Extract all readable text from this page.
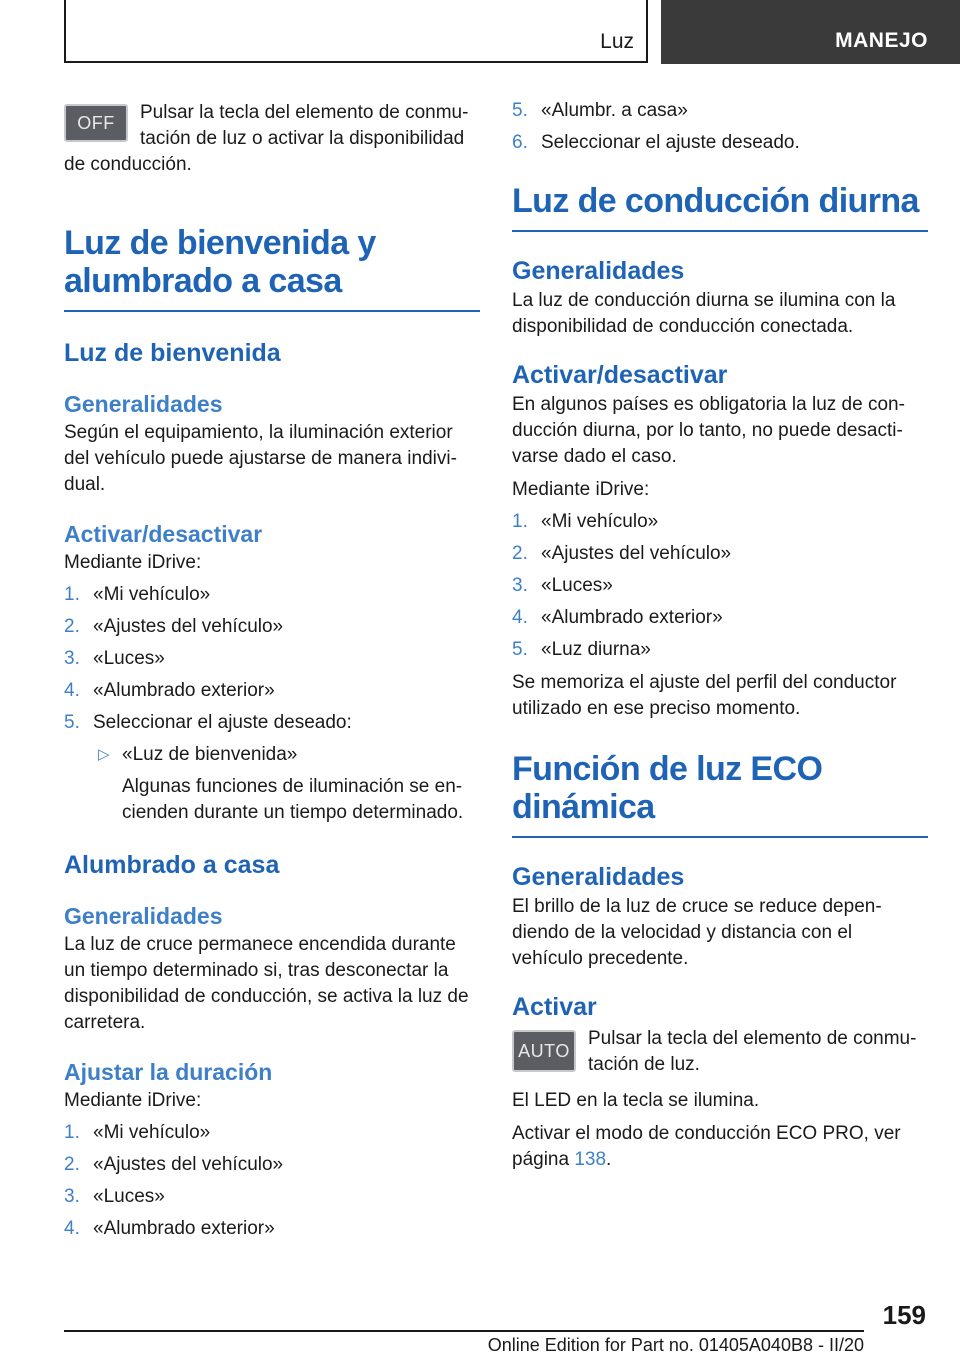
Luz	MANEJO
OFF	Pulsar la tecla del elemento de conmutación de luz o activar la disponibilidad de conducción.

Luz de bienvenida y alumbrado a casa
Luz de bienvenida
Generalidades

Según el equipamiento, la iluminación exterior del vehículo puede ajustarse de manera individual.

Activar/desactivar

Mediante iDrive:

1. «Mi vehículo»
2. «Ajustes del vehículo»
3. «Luces»
4. «Alumbrado exterior»
5. Seleccionar el ajuste deseado:
▷ «Luz de bienvenida»
Algunas funciones de iluminación se encienden durante un tiempo determinado.
Alumbrado a casa
Generalidades

La luz de cruce permanece encendida durante un tiempo determinado si, tras desconectar la disponibilidad de conducción, se activa la luz de carretera.

Ajustar la duración

Mediante iDrive:

1. «Mi vehículo»
2. «Ajustes del vehículo»
3. «Luces»
4. «Alumbrado exterior»
5. «Alumbr. a casa»
6. Seleccionar el ajuste deseado.
Luz de conducción diurna
Generalidades

La luz de conducción diurna se ilumina con la disponibilidad de conducción conectada.

Activar/desactivar

En algunos países es obligatoria la luz de conducción diurna, por lo tanto, no puede desactivarse dado el caso.

Mediante iDrive:

1. «Mi vehículo»
2. «Ajustes del vehículo»
3. «Luces»
4. «Alumbrado exterior»
5. «Luz diurna»

Se memoriza el ajuste del perfil del conductor utilizado en ese preciso momento.

Función de luz ECO dinámica
Generalidades

El brillo de la luz de cruce se reduce dependiendo de la velocidad y distancia con el vehículo precedente.

Activar
AUTO

Pulsar la tecla del elemento de conmutación de luz.

El LED en la tecla se ilumina.

Activar el modo de conducción ECO PRO, ver página 138.

159
Online Edition for Part no. 01405A040B8 - II/20
